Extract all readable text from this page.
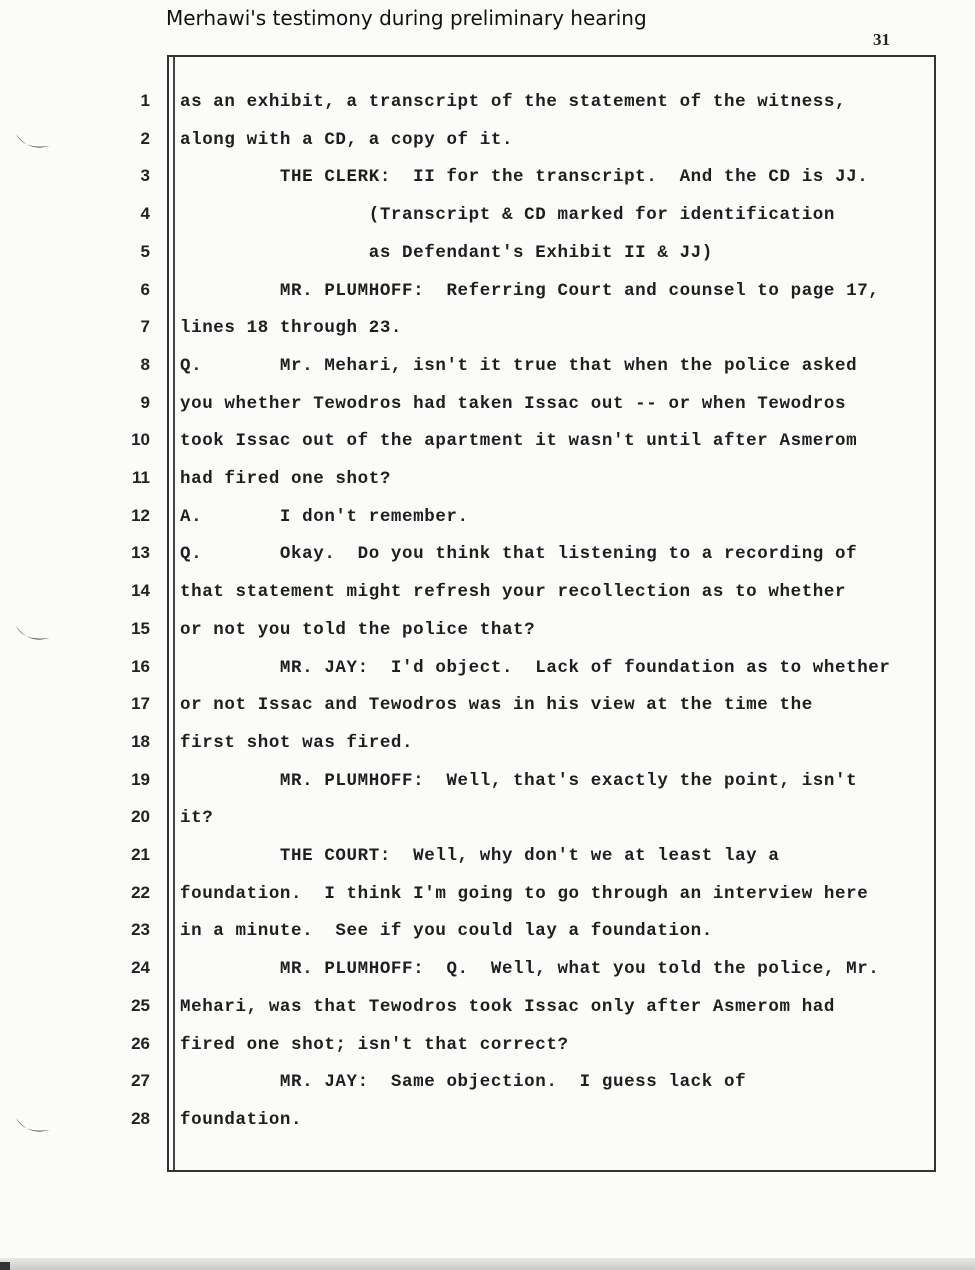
Merhawi's testimony during preliminary hearing
31
1 as an exhibit, a transcript of the statement of the witness,
2 along with a CD, a copy of it.
3 THE CLERK:  II for the transcript.  And the CD is JJ.
4 (Transcript & CD marked for identification
5 as Defendant's Exhibit II & JJ)
6 MR. PLUMHOFF:  Referring Court and counsel to page 17,
7 lines 18 through 23.
8 Q.       Mr. Mehari, isn't it true that when the police asked
9 you whether Tewodros had taken Issac out -- or when Tewodros
10 took Issac out of the apartment it wasn't until after Asmerom
11 had fired one shot?
12 A.       I don't remember.
13 Q.       Okay.  Do you think that listening to a recording of
14 that statement might refresh your recollection as to whether
15 or not you told the police that?
16 MR. JAY:  I'd object.  Lack of foundation as to whether
17 or not Issac and Tewodros was in his view at the time the
18 first shot was fired.
19 MR. PLUMHOFF:  Well, that's exactly the point, isn't
20 it?
21 THE COURT:  Well, why don't we at least lay a
22 foundation.  I think I'm going to go through an interview here
23 in a minute.  See if you could lay a foundation.
24 MR. PLUMHOFF:  Q.  Well, what you told the police, Mr.
25 Mehari, was that Tewodros took Issac only after Asmerom had
26 fired one shot; isn't that correct?
27 MR. JAY:  Same objection.  I guess lack of
28 foundation.
